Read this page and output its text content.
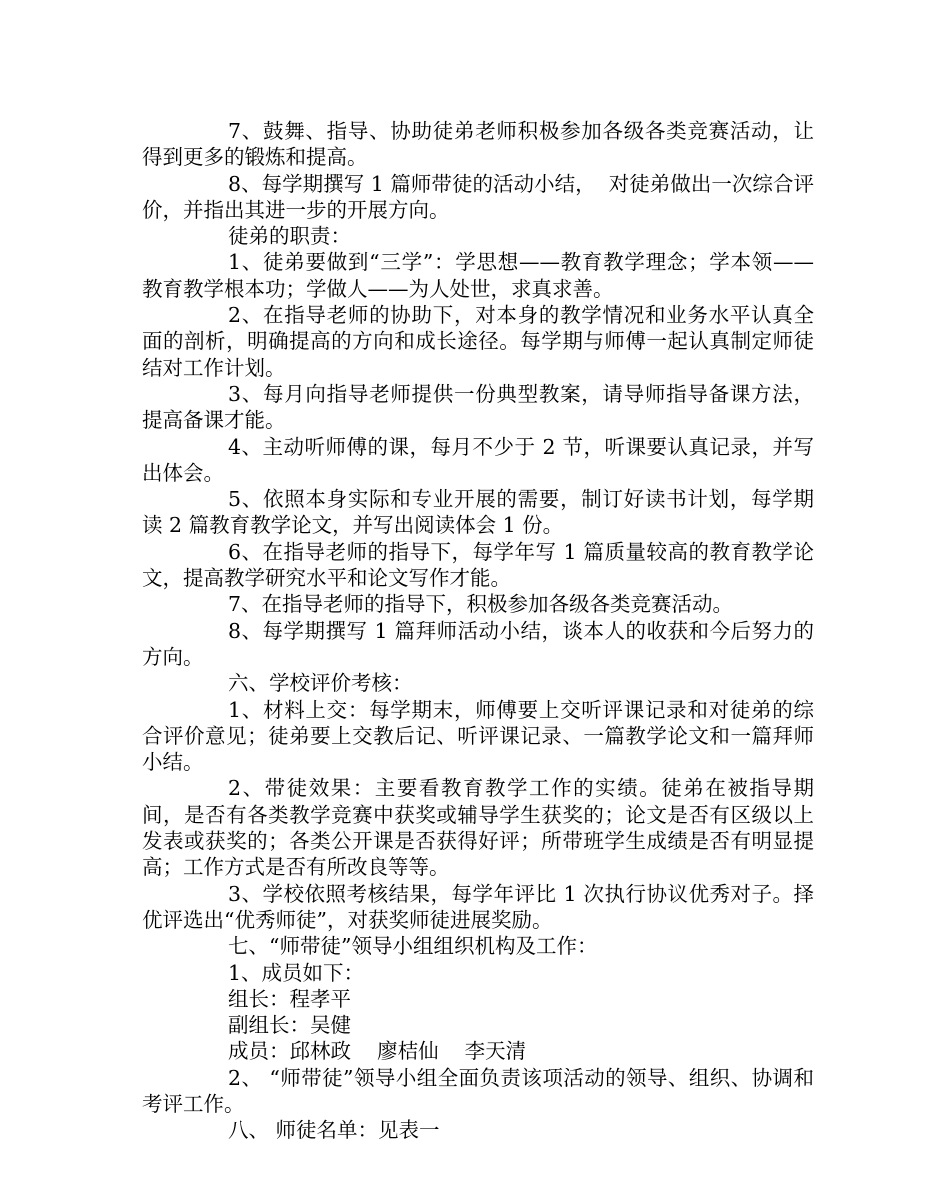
7、鼓舞、指导、协助徒弟老师积极参加各级各类竞赛活动，让得到更多的锻炼和提高。

8、每学期撰写 1 篇师带徒的活动小结，  对徒弟做出一次综合评价，并指出其进一步的开展方向。

徒弟的职责：

1、徒弟要做到“三学”：学思想——教育教学理念；学本领——教育教学根本功；学做人——为人处世，求真求善。

2、在指导老师的协助下，对本身的教学情况和业务水平认真全面的剖析，明确提高的方向和成长途径。每学期与师傅一起认真制定师徒结对工作计划。

3、每月向指导老师提供一份典型教案，请导师指导备课方法，提高备课才能。

4、主动听师傅的课，每月不少于 2 节，听课要认真记录，并写出体会。

5、依照本身实际和专业开展的需要，制订好读书计划，每学期读 2 篇教育教学论文，并写出阅读体会 1 份。

6、在指导老师的指导下，每学年写 1 篇质量较高的教育教学论文，提高教学研究水平和论文写作才能。

7、在指导老师的指导下，积极参加各级各类竞赛活动。

8、每学期撰写 1 篇拜师活动小结，谈本人的收获和今后努力的方向。

六、学校评价考核：

1、材料上交：每学期末，师傅要上交听评课记录和对徒弟的综合评价意见；徒弟要上交教后记、听评课记录、一篇教学论文和一篇拜师小结。

2、带徒效果：主要看教育教学工作的实绩。徒弟在被指导期间，是否有各类教学竞赛中获奖或辅导学生获奖的；论文是否有区级以上发表或获奖的；各类公开课是否获得好评；所带班学生成绩是否有明显提高；工作方式是否有所改良等等。

3、学校依照考核结果，每学年评比 1 次执行协议优秀对子。择优评选出“优秀师徒”，对获奖师徒进展奖励。

七、“师带徒”领导小组组织机构及工作：

1、成员如下：

组长：程孝平

副组长：吴健

成员：邱林政    廖桔仙    李天清

2、 “师带徒”领导小组全面负责该项活动的领导、组织、协调和考评工作。

八、 师徒名单：见表一
